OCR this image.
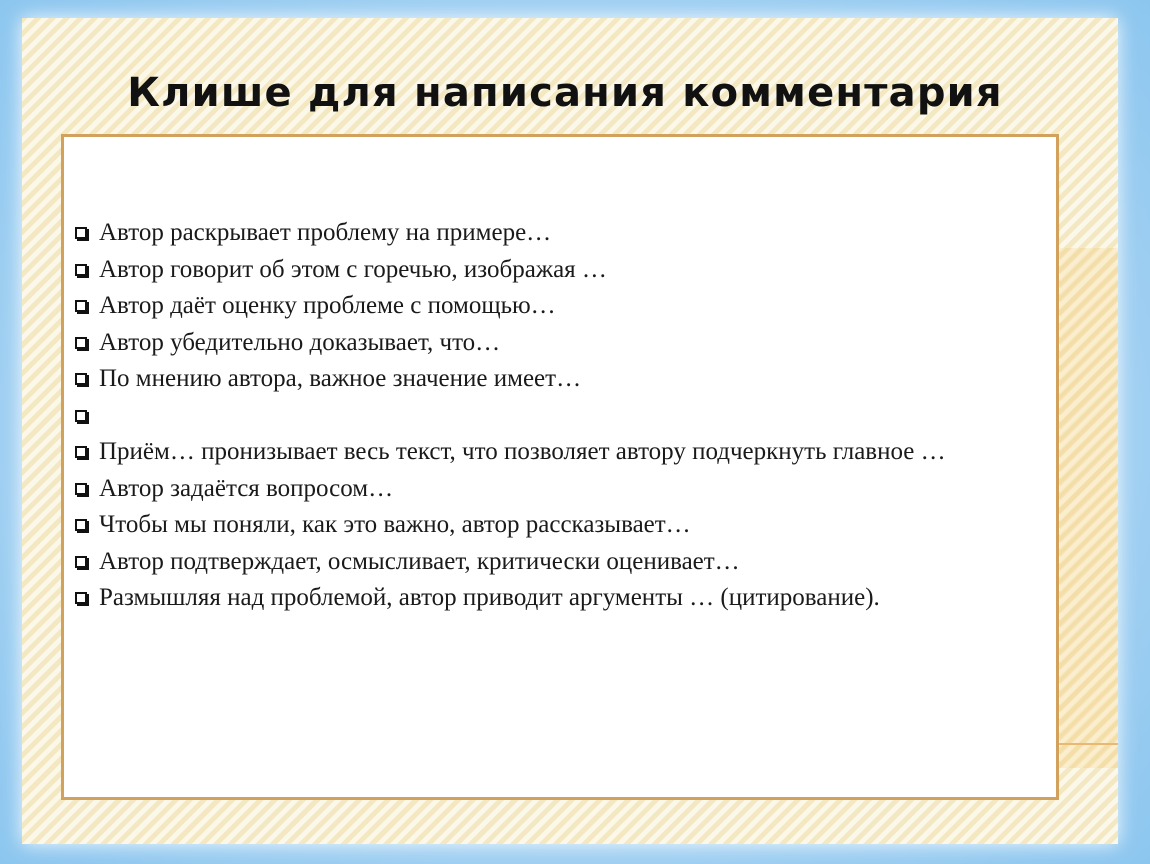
Клише для написания комментария
Автор раскрывает проблему на примере…
Автор говорит об этом с горечью, изображая …
Автор даёт оценку проблеме с помощью…
Автор убедительно доказывает, что…
По мнению автора, важное значение имеет…
Приём… пронизывает весь текст, что позволяет автору подчеркнуть главное …
Автор задаётся вопросом…
Чтобы мы поняли, как это важно, автор рассказывает…
Автор подтверждает, осмысливает, критически оценивает…
Размышляя над проблемой, автор приводит аргументы … (цитирование).
